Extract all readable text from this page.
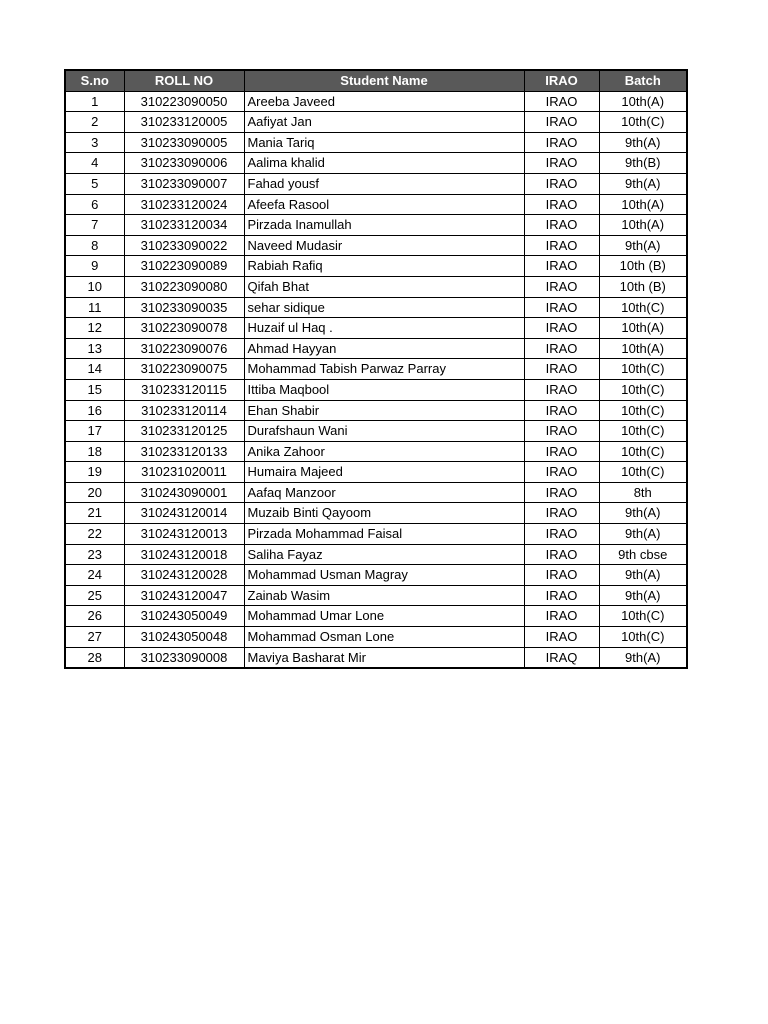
S.no	ROLL NO	Student Name	IRAO	Batch
1	310223090050	Areeba Javeed	IRAO	10th(A)
2	310233120005	Aafiyat Jan	IRAO	10th(C)
3	310233090005	Mania Tariq	IRAO	9th(A)
4	310233090006	Aalima khalid	IRAO	9th(B)
5	310233090007	Fahad yousf	IRAO	9th(A)
6	310233120024	Afeefa Rasool	IRAO	10th(A)
7	310233120034	Pirzada Inamullah	IRAO	10th(A)
8	310233090022	Naveed Mudasir	IRAO	9th(A)
9	310223090089	Rabiah Rafiq	IRAO	10th (B)
10	310223090080	Qifah Bhat	IRAO	10th (B)
11	310233090035	sehar sidique	IRAO	10th(C)
12	310223090078	Huzaif ul Haq .	IRAO	10th(A)
13	310223090076	Ahmad Hayyan	IRAO	10th(A)
14	310223090075	Mohammad Tabish Parwaz Parray	IRAO	10th(C)
15	310233120115	Ittiba Maqbool	IRAO	10th(C)
16	310233120114	Ehan Shabir	IRAO	10th(C)
17	310233120125	Durafshaun Wani	IRAO	10th(C)
18	310233120133	Anika Zahoor	IRAO	10th(C)
19	310231020011	Humaira Majeed	IRAO	10th(C)
20	310243090001	Aafaq Manzoor	IRAO	8th
21	310243120014	Muzaib Binti Qayoom	IRAO	9th(A)
22	310243120013	Pirzada Mohammad Faisal	IRAO	9th(A)
23	310243120018	Saliha Fayaz	IRAO	9th cbse
24	310243120028	Mohammad Usman Magray	IRAO	9th(A)
25	310243120047	Zainab Wasim	IRAO	9th(A)
26	310243050049	Mohammad Umar Lone	IRAO	10th(C)
27	310243050048	Mohammad Osman Lone	IRAO	10th(C)
28	310233090008	Maviya Basharat Mir	IRAQ	9th(A)
